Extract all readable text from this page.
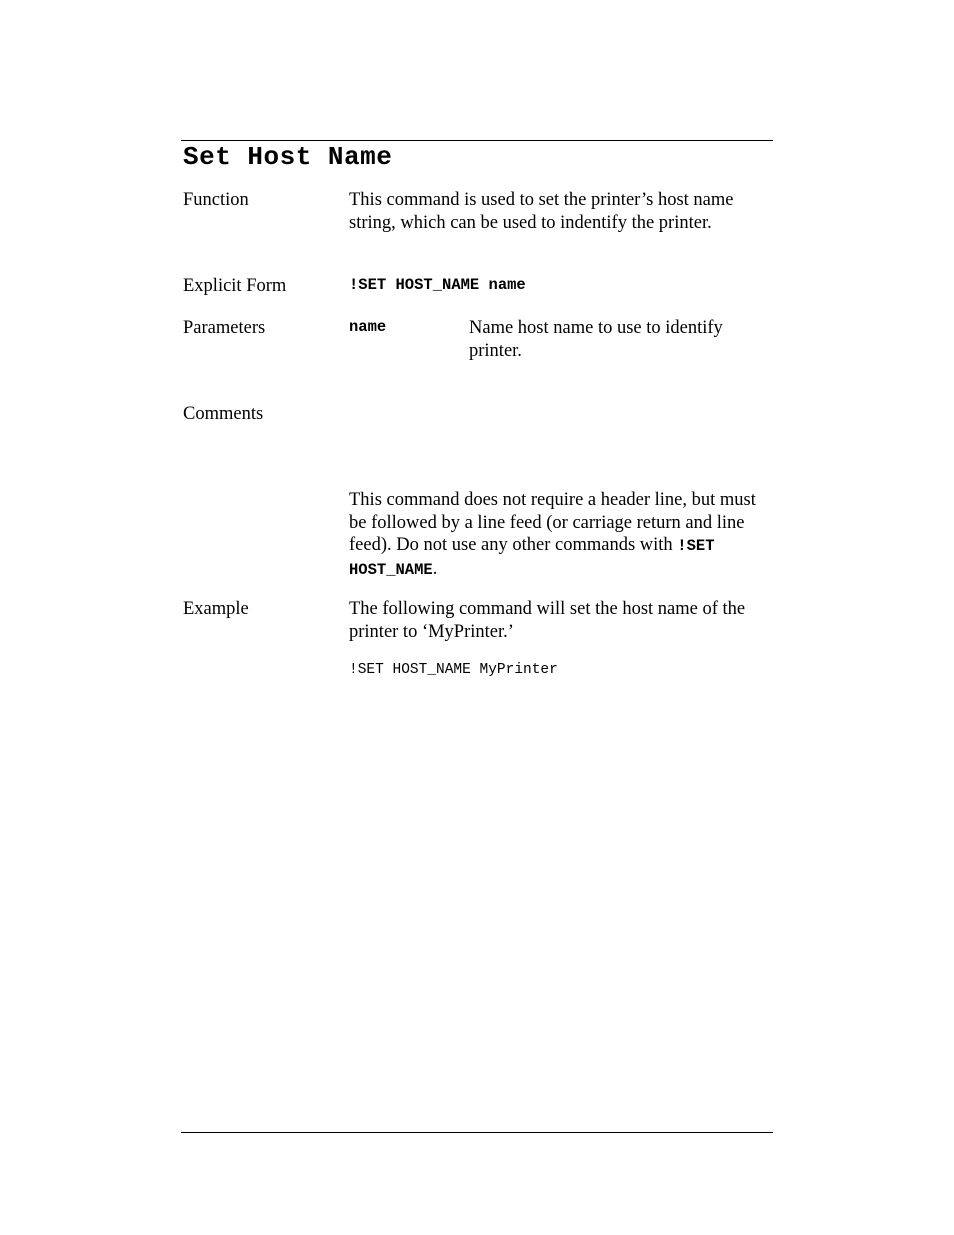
Set Host Name
Function	This command is used to set the printer’s host name string, which can be used to indentify the printer.
Explicit Form	!SET HOST_NAME name
Parameters	name	Name host name to use to identify printer.
Comments
This command does not require a header line, but must be followed by a line feed (or carriage return and line feed). Do not use any other commands with !SET HOST_NAME.
Example	The following command will set the host name of the printer to ‘MyPrinter.’
!SET HOST_NAME MyPrinter
